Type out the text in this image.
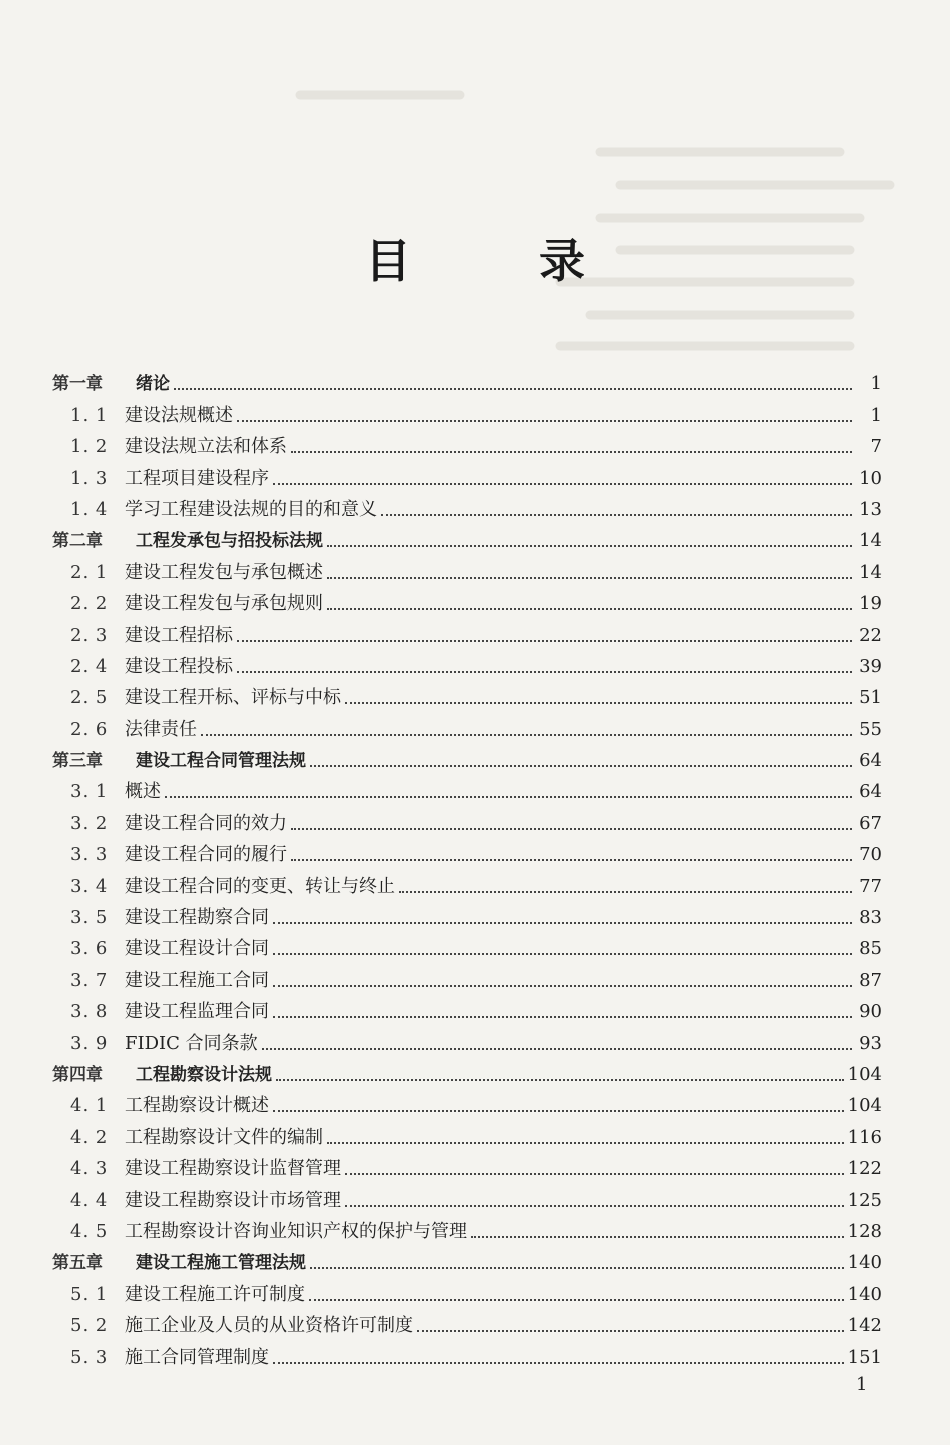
目 录
第一章	绪论	1
1. 1 建设法规概述	1
1. 2 建设法规立法和体系	7
1. 3 工程项目建设程序	10
1. 4 学习工程建设法规的目的和意义	13
第二章	工程发承包与招投标法规	14
2. 1 建设工程发包与承包概述	14
2. 2 建设工程发包与承包规则	19
2. 3 建设工程招标	22
2. 4 建设工程投标	39
2. 5 建设工程开标、评标与中标	51
2. 6 法律责任	55
第三章	建设工程合同管理法规	64
3. 1 概述	64
3. 2 建设工程合同的效力	67
3. 3 建设工程合同的履行	70
3. 4 建设工程合同的变更、转让与终止	77
3. 5 建设工程勘察合同	83
3. 6 建设工程设计合同	85
3. 7 建设工程施工合同	87
3. 8 建设工程监理合同	90
3. 9 FIDIC 合同条款	93
第四章	工程勘察设计法规	104
4. 1 工程勘察设计概述	104
4. 2 工程勘察设计文件的编制	116
4. 3 建设工程勘察设计监督管理	122
4. 4 建设工程勘察设计市场管理	125
4. 5 工程勘察设计咨询业知识产权的保护与管理	128
第五章	建设工程施工管理法规	140
5. 1 建设工程施工许可制度	140
5. 2 施工企业及人员的从业资格许可制度	142
5. 3 施工合同管理制度	151
1
